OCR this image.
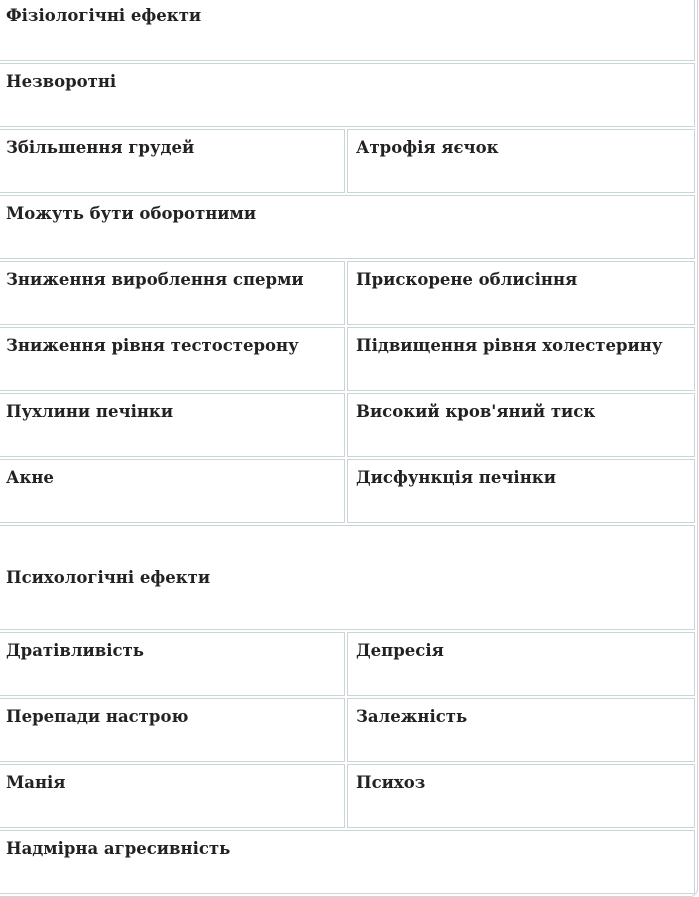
Фізіологічні ефекти	
Незворотні	
Збільшення грудей	Атрофія яєчок
Можуть бути оборотними	
Зниження вироблення сперми	Прискорене облисіння
Зниження рівня тестостерону	Підвищення рівня холестерину
Пухлини печінки	Високий кров'яний тиск
Акне	Дисфункція печінки
Психологічні ефекти	
Дратівливість	Депресія
Перепади настрою	Залежність
Манія	Психоз
Надмірна агресивність	
